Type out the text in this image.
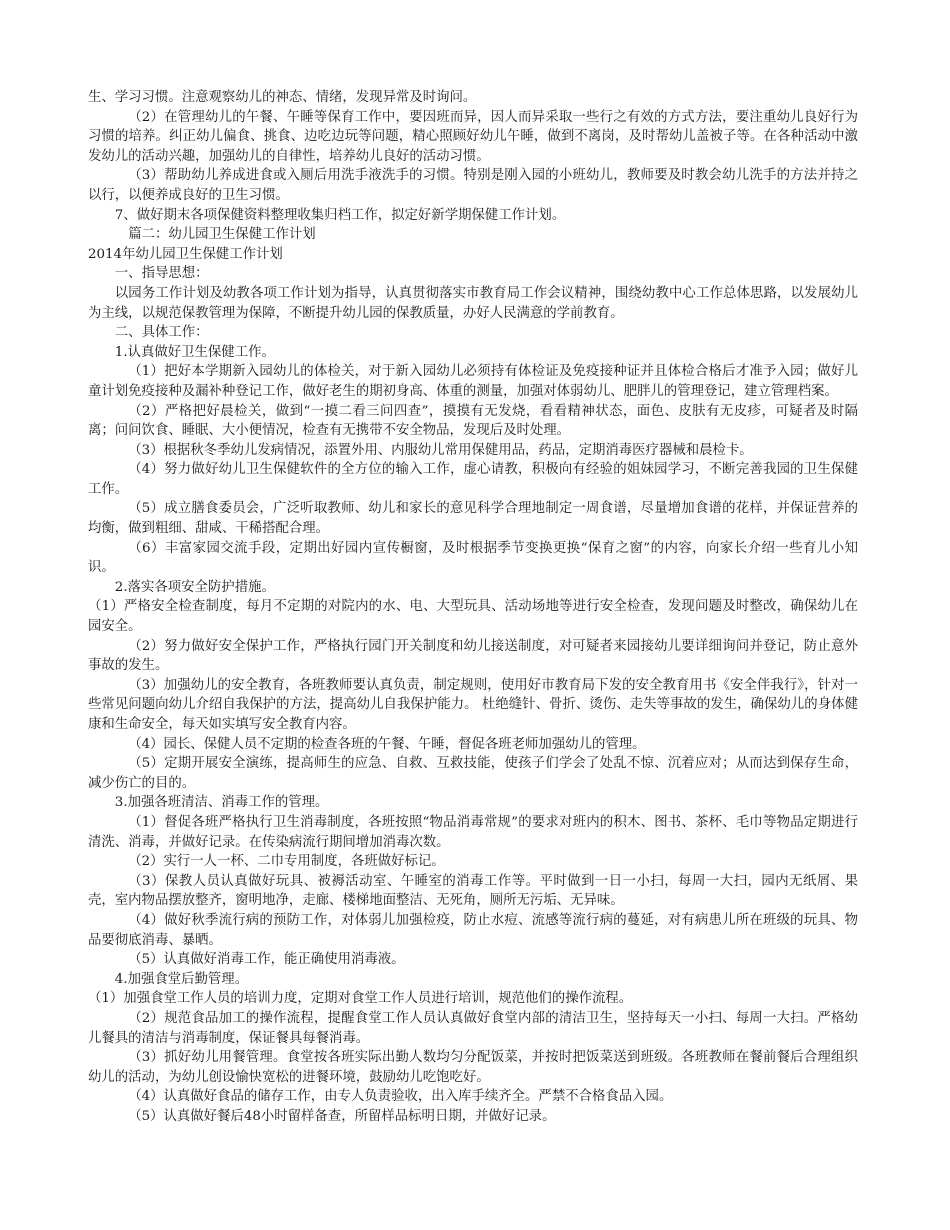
生、学习习惯。注意观察幼儿的神态、情绪，发现异常及时询问。

（2）在管理幼儿的午餐、午睡等保育工作中，要因班而异，因人而异采取一些行之有效的方式方法，要注重幼儿良好行为习惯的培养。纠正幼儿偏食、挑食、边吃边玩等问题，精心照顾好幼儿午睡，做到不离岗，及时帮幼儿盖被子等。在各种活动中激发幼儿的活动兴趣，加强幼儿的自律性，培养幼儿良好的活动习惯。

（3）帮助幼儿养成进食或入厕后用洗手液洗手的习惯。特别是刚入园的小班幼儿，教师要及时教会幼儿洗手的方法并持之以行，以便养成良好的卫生习惯。

7、做好期末各项保健资料整理收集归档工作，拟定好新学期保健工作计划。

篇二：幼儿园卫生保健工作计划

2014年幼儿园卫生保健工作计划

一、指导思想：

以园务工作计划及幼教各项工作计划为指导，认真贯彻落实市教育局工作会议精神，围绕幼教中心工作总体思路，以发展幼儿为主线，以规范保教管理为保障，不断提升幼儿园的保教质量，办好人民满意的学前教育。

二、具体工作：

1.认真做好卫生保健工作。

（1）把好本学期新入园幼儿的体检关，对于新入园幼儿必须持有体检证及免疫接种证并且体检合格后才准予入园；做好儿童计划免疫接种及漏补种登记工作，做好老生的期初身高、体重的测量，加强对体弱幼儿、肥胖儿的管理登记，建立管理档案。

（2）严格把好晨检关，做到“一摸二看三问四查”，摸摸有无发烧，看看精神状态，面色、皮肤有无皮疹，可疑者及时隔离；问问饮食、睡眠、大小便情况，检查有无携带不安全物品，发现后及时处理。

（3）根据秋冬季幼儿发病情况，添置外用、内服幼儿常用保健用品，药品，定期消毒医疗器械和晨检卡。

（4）努力做好幼儿卫生保健软件的全方位的输入工作，虚心请教，积极向有经验的姐妹园学习，不断完善我园的卫生保健工作。

（5）成立膳食委员会，广泛听取教师、幼儿和家长的意见科学合理地制定一周食谱，尽量增加食谱的花样，并保证营养的均衡，做到粗细、甜咸、干稀搭配合理。

（6）丰富家园交流手段，定期出好园内宣传橱窗，及时根据季节变换更换“保育之窗”的内容，向家长介绍一些育儿小知识。

2.落实各项安全防护措施。

（1）严格安全检查制度，每月不定期的对院内的水、电、大型玩具、活动场地等进行安全检查，发现问题及时整改，确保幼儿在园安全。

（2）努力做好安全保护工作，严格执行园门开关制度和幼儿接送制度，对可疑者来园接幼儿要详细询问并登记，防止意外事故的发生。

（3）加强幼儿的安全教育，各班教师要认真负责，制定规则，使用好市教育局下发的安全教育用书《安全伴我行》，针对一些常见问题向幼儿介绍自我保护的方法，提高幼儿自我保护能力。 杜绝缝针、骨折、烫伤、走失等事故的发生，确保幼儿的身体健康和生命安全，每天如实填写安全教育内容。

（4）园长、保健人员不定期的检查各班的午餐、午睡，督促各班老师加强幼儿的管理。

（5）定期开展安全演练，提高师生的应急、自救、互救技能，使孩子们学会了处乱不惊、沉着应对；从而达到保存生命，减少伤亡的目的。

3.加强各班清洁、消毒工作的管理。

（1）督促各班严格执行卫生消毒制度，各班按照“物品消毒常规”的要求对班内的积木、图书、茶杯、毛巾等物品定期进行清洗、消毒，并做好记录。在传染病流行期间增加消毒次数。

（2）实行一人一杯、二巾专用制度，各班做好标记。

（3）保教人员认真做好玩具、被褥活动室、午睡室的消毒工作等。平时做到一日一小扫，每周一大扫，园内无纸屑、果壳，室内物品摆放整齐，窗明地净，走廊、楼梯地面整洁、无死角，厕所无污垢、无异味。

（4）做好秋季流行病的预防工作，对体弱儿加强检疫，防止水痘、流感等流行病的蔓延，对有病患儿所在班级的玩具、物品要彻底消毒、暴晒。

（5）认真做好消毒工作，能正确使用消毒液。

4.加强食堂后勤管理。

（1）加强食堂工作人员的培训力度，定期对食堂工作人员进行培训，规范他们的操作流程。

（2）规范食品加工的操作流程，提醒食堂工作人员认真做好食堂内部的清洁卫生，坚持每天一小扫、每周一大扫。严格幼儿餐具的清洁与消毒制度，保证餐具每餐消毒。

（3）抓好幼儿用餐管理。食堂按各班实际出勤人数均匀分配饭菜，并按时把饭菜送到班级。各班教师在餐前餐后合理组织幼儿的活动，为幼儿创设愉快宽松的进餐环境，鼓励幼儿吃饱吃好。

（4）认真做好食品的储存工作，由专人负责验收，出入库手续齐全。严禁不合格食品入园。

（5）认真做好餐后48小时留样备查，所留样品标明日期，并做好记录。
